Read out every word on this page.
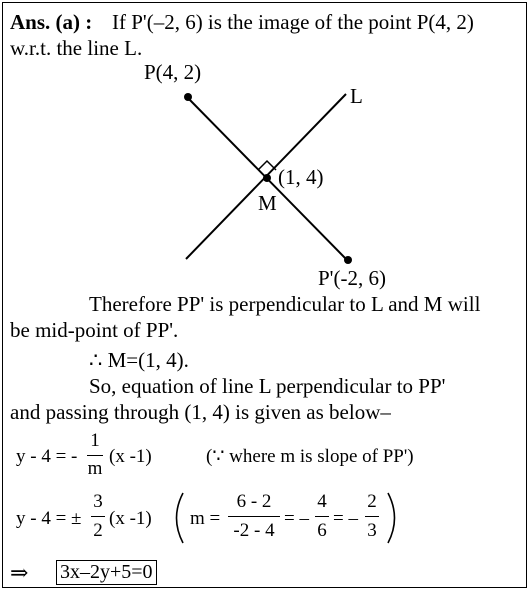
Ans. (a) : If P'(–2, 6) is the image of the point P(4, 2)
w.r.t. the line L.
P(4, 2)
L
(1, 4)
M
P'(-2, 6)
Therefore PP' is perpendicular to L and M will
be mid-point of PP'.
∴ M=(1, 4).
So, equation of line L perpendicular to PP'
and passing through (1, 4) is given as below–
y - 4 = -
1
m
(x -1)	(∵ where m is slope of PP')
y - 4 = ±
3
2
(x -1) m =
6 - 2
-2 - 4
= –
4
6
= –
2
3
⇒ 3x–2y+5=0
